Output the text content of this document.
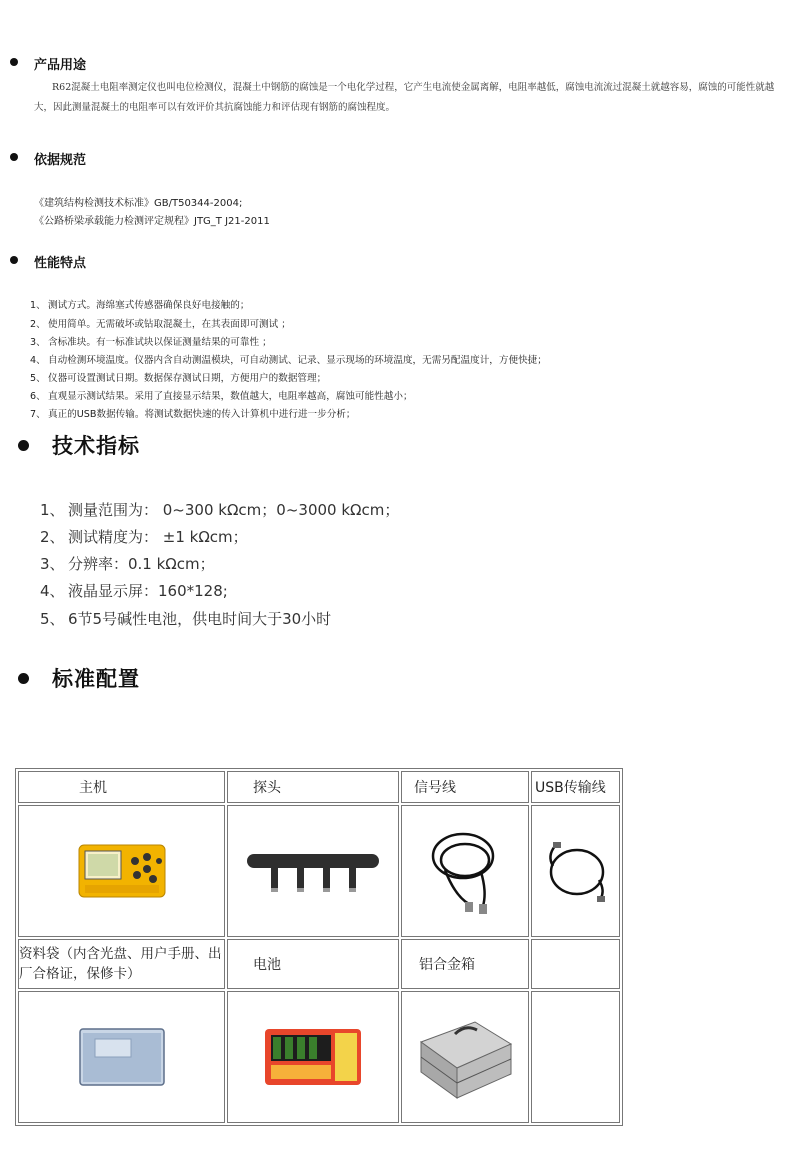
产品用途
R62混凝土电阻率测定仪也叫电位检测仪，混凝土中钢筋的腐蚀是一个电化学过程，它产生电流使金属离解，电阻率越低，腐蚀电流流过混凝土就越容易，腐蚀的可能性就越大，因此测量混凝土的电阻率可以有效评价其抗腐蚀能力和评估现有钢筋的腐蚀程度。
依据规范
《建筑结构检测技术标准》GB/T50344-2004;
《公路桥梁承载能力检测评定规程》JTG_T J21-2011
性能特点
1、 测试方式。海绵塞式传感器确保良好电接触的；
2、 使用简单。无需破坏或钻取混凝土，在其表面即可测试 ；
3、 含标准块。有一标准试块以保证测量结果的可靠性 ；
4、 自动检测环境温度。仪器内含自动测温模块，可自动测试、记录、显示现场的环境温度，无需另配温度计，方便快捷；
5、 仪器可设置测试日期。数据保存测试日期，方便用户的数据管理；
6、 直观显示测试结果。采用了直接显示结果，数值越大，电阻率越高，腐蚀可能性越小；
7、 真正的USB数据传输。将测试数据快速的传入计算机中进行进一步分析；
技术指标
1、 测量范围为： 0~300 kΩcm；0~3000 kΩcm；
2、 测试精度为： ±1 kΩcm；
3、 分辨率：0.1 kΩcm；
4、 液晶显示屏：160*128;
5、 6节5号碱性电池，供电时间大于30小时
标准配置
主机	探头	信号线	USB传输线

资料袋（内含光盘、用户手册、出厂合格证，保修卡）	电池	铝合金箱	
